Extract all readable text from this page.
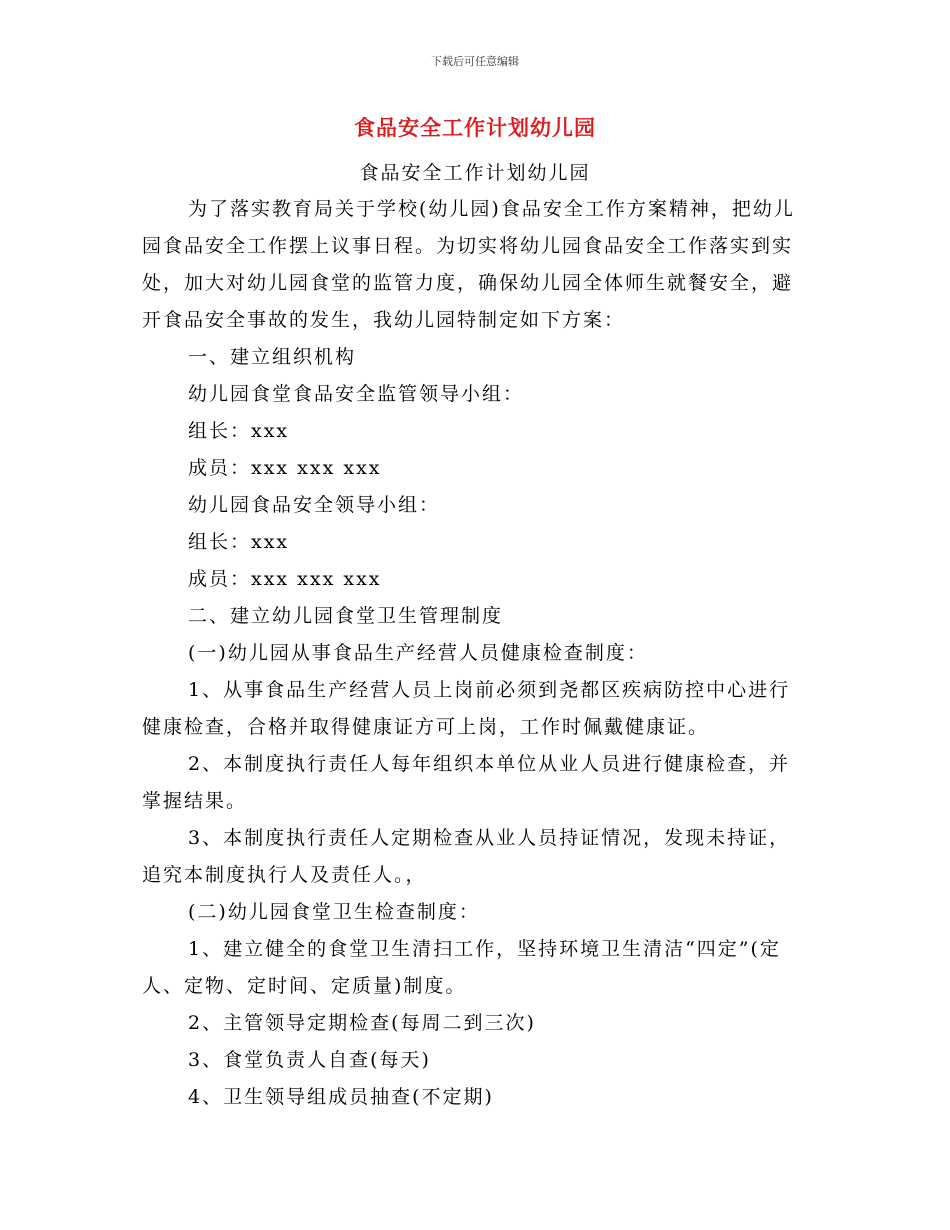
下载后可任意编辑
食品安全工作计划幼儿园
食品安全工作计划幼儿园

为了落实教育局关于学校(幼儿园)食品安全工作方案精神，把幼儿园食品安全工作摆上议事日程。为切实将幼儿园食品安全工作落实到实处，加大对幼儿园食堂的监管力度，确保幼儿园全体师生就餐安全，避开食品安全事故的发生，我幼儿园特制定如下方案：

一、建立组织机构

幼儿园食堂食品安全监管领导小组：

组长：xxx

成员：xxx xxx xxx

幼儿园食品安全领导小组：

组长：xxx

成员：xxx xxx xxx

二、建立幼儿园食堂卫生管理制度

(一)幼儿园从事食品生产经营人员健康检查制度：

1、从事食品生产经营人员上岗前必须到尧都区疾病防控中心进行健康检查，合格并取得健康证方可上岗，工作时佩戴健康证。

2、本制度执行责任人每年组织本单位从业人员进行健康检查，并掌握结果。

3、本制度执行责任人定期检查从业人员持证情况，发现未持证，追究本制度执行人及责任人。，

(二)幼儿园食堂卫生检查制度：

1、建立健全的食堂卫生清扫工作，坚持环境卫生清洁“四定”(定人、定物、定时间、定质量)制度。

2、主管领导定期检查(每周二到三次)

3、食堂负责人自查(每天)

4、卫生领导组成员抽查(不定期)
